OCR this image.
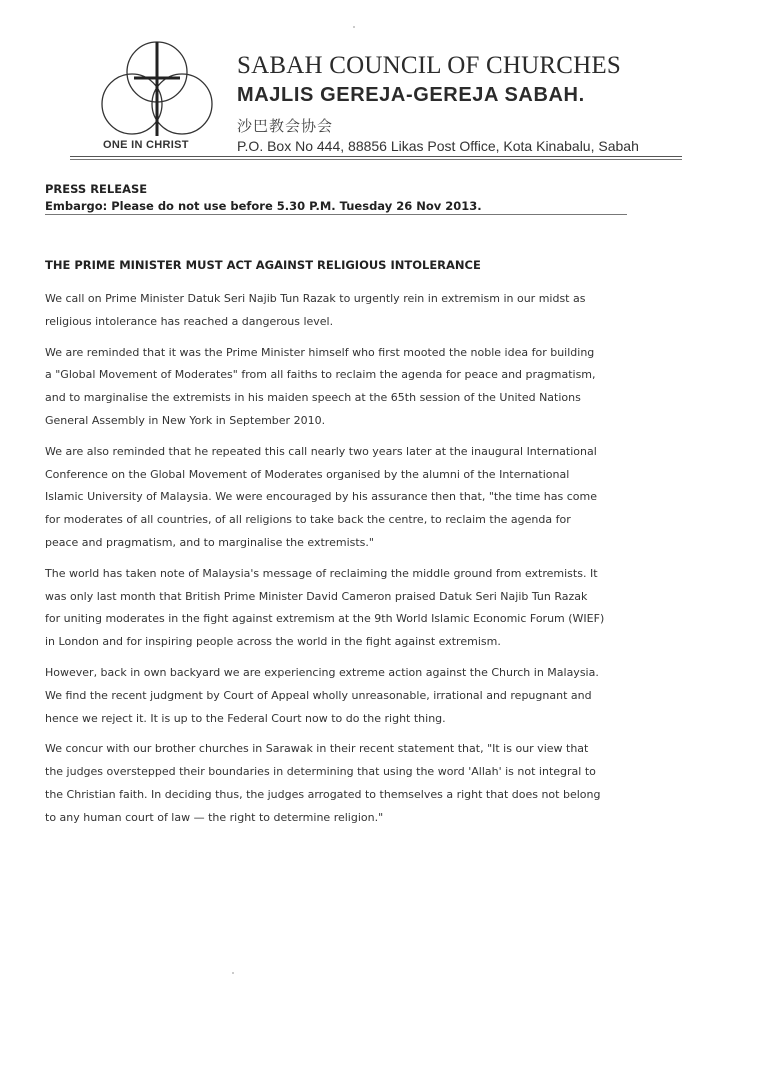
ONE IN CHRIST
SABAH COUNCIL OF CHURCHES
MAJLIS GEREJA-GEREJA SABAH.
沙巴教会协会
P.O. Box No 444, 88856 Likas Post Office, Kota Kinabalu, Sabah
PRESS RELEASE
Embargo: Please do not use before 5.30 P.M. Tuesday 26 Nov 2013.
THE PRIME MINISTER MUST ACT AGAINST RELIGIOUS INTOLERANCE

We call on Prime Minister Datuk Seri Najib Tun Razak to urgently rein in extremism in our midst as
religious intolerance has reached a dangerous level.

We are reminded that it was the Prime Minister himself who first mooted the noble idea for building
a "Global Movement of Moderates" from all faiths to reclaim the agenda for peace and pragmatism,
and to marginalise the extremists in his maiden speech at the 65th session of the United Nations
General Assembly in New York in September 2010.

We are also reminded that he repeated this call nearly two years later at the inaugural International
Conference on the Global Movement of Moderates organised by the alumni of the International
Islamic University of Malaysia. We were encouraged by his assurance then that, "the time has come
for moderates of all countries, of all religions to take back the centre, to reclaim the agenda for
peace and pragmatism, and to marginalise the extremists."

The world has taken note of Malaysia's message of reclaiming the middle ground from extremists. It
was only last month that British Prime Minister David Cameron praised Datuk Seri Najib Tun Razak
for uniting moderates in the fight against extremism at the 9th World Islamic Economic Forum (WIEF)
in London and for inspiring people across the world in the fight against extremism.

However, back in own backyard we are experiencing extreme action against the Church in Malaysia.
We find the recent judgment by Court of Appeal wholly unreasonable, irrational and repugnant and
hence we reject it. It is up to the Federal Court now to do the right thing.

We concur with our brother churches in Sarawak in their recent statement that, "It is our view that
the judges overstepped their boundaries in determining that using the word 'Allah' is not integral to
the Christian faith. In deciding thus, the judges arrogated to themselves a right that does not belong
to any human court of law — the right to determine religion."
